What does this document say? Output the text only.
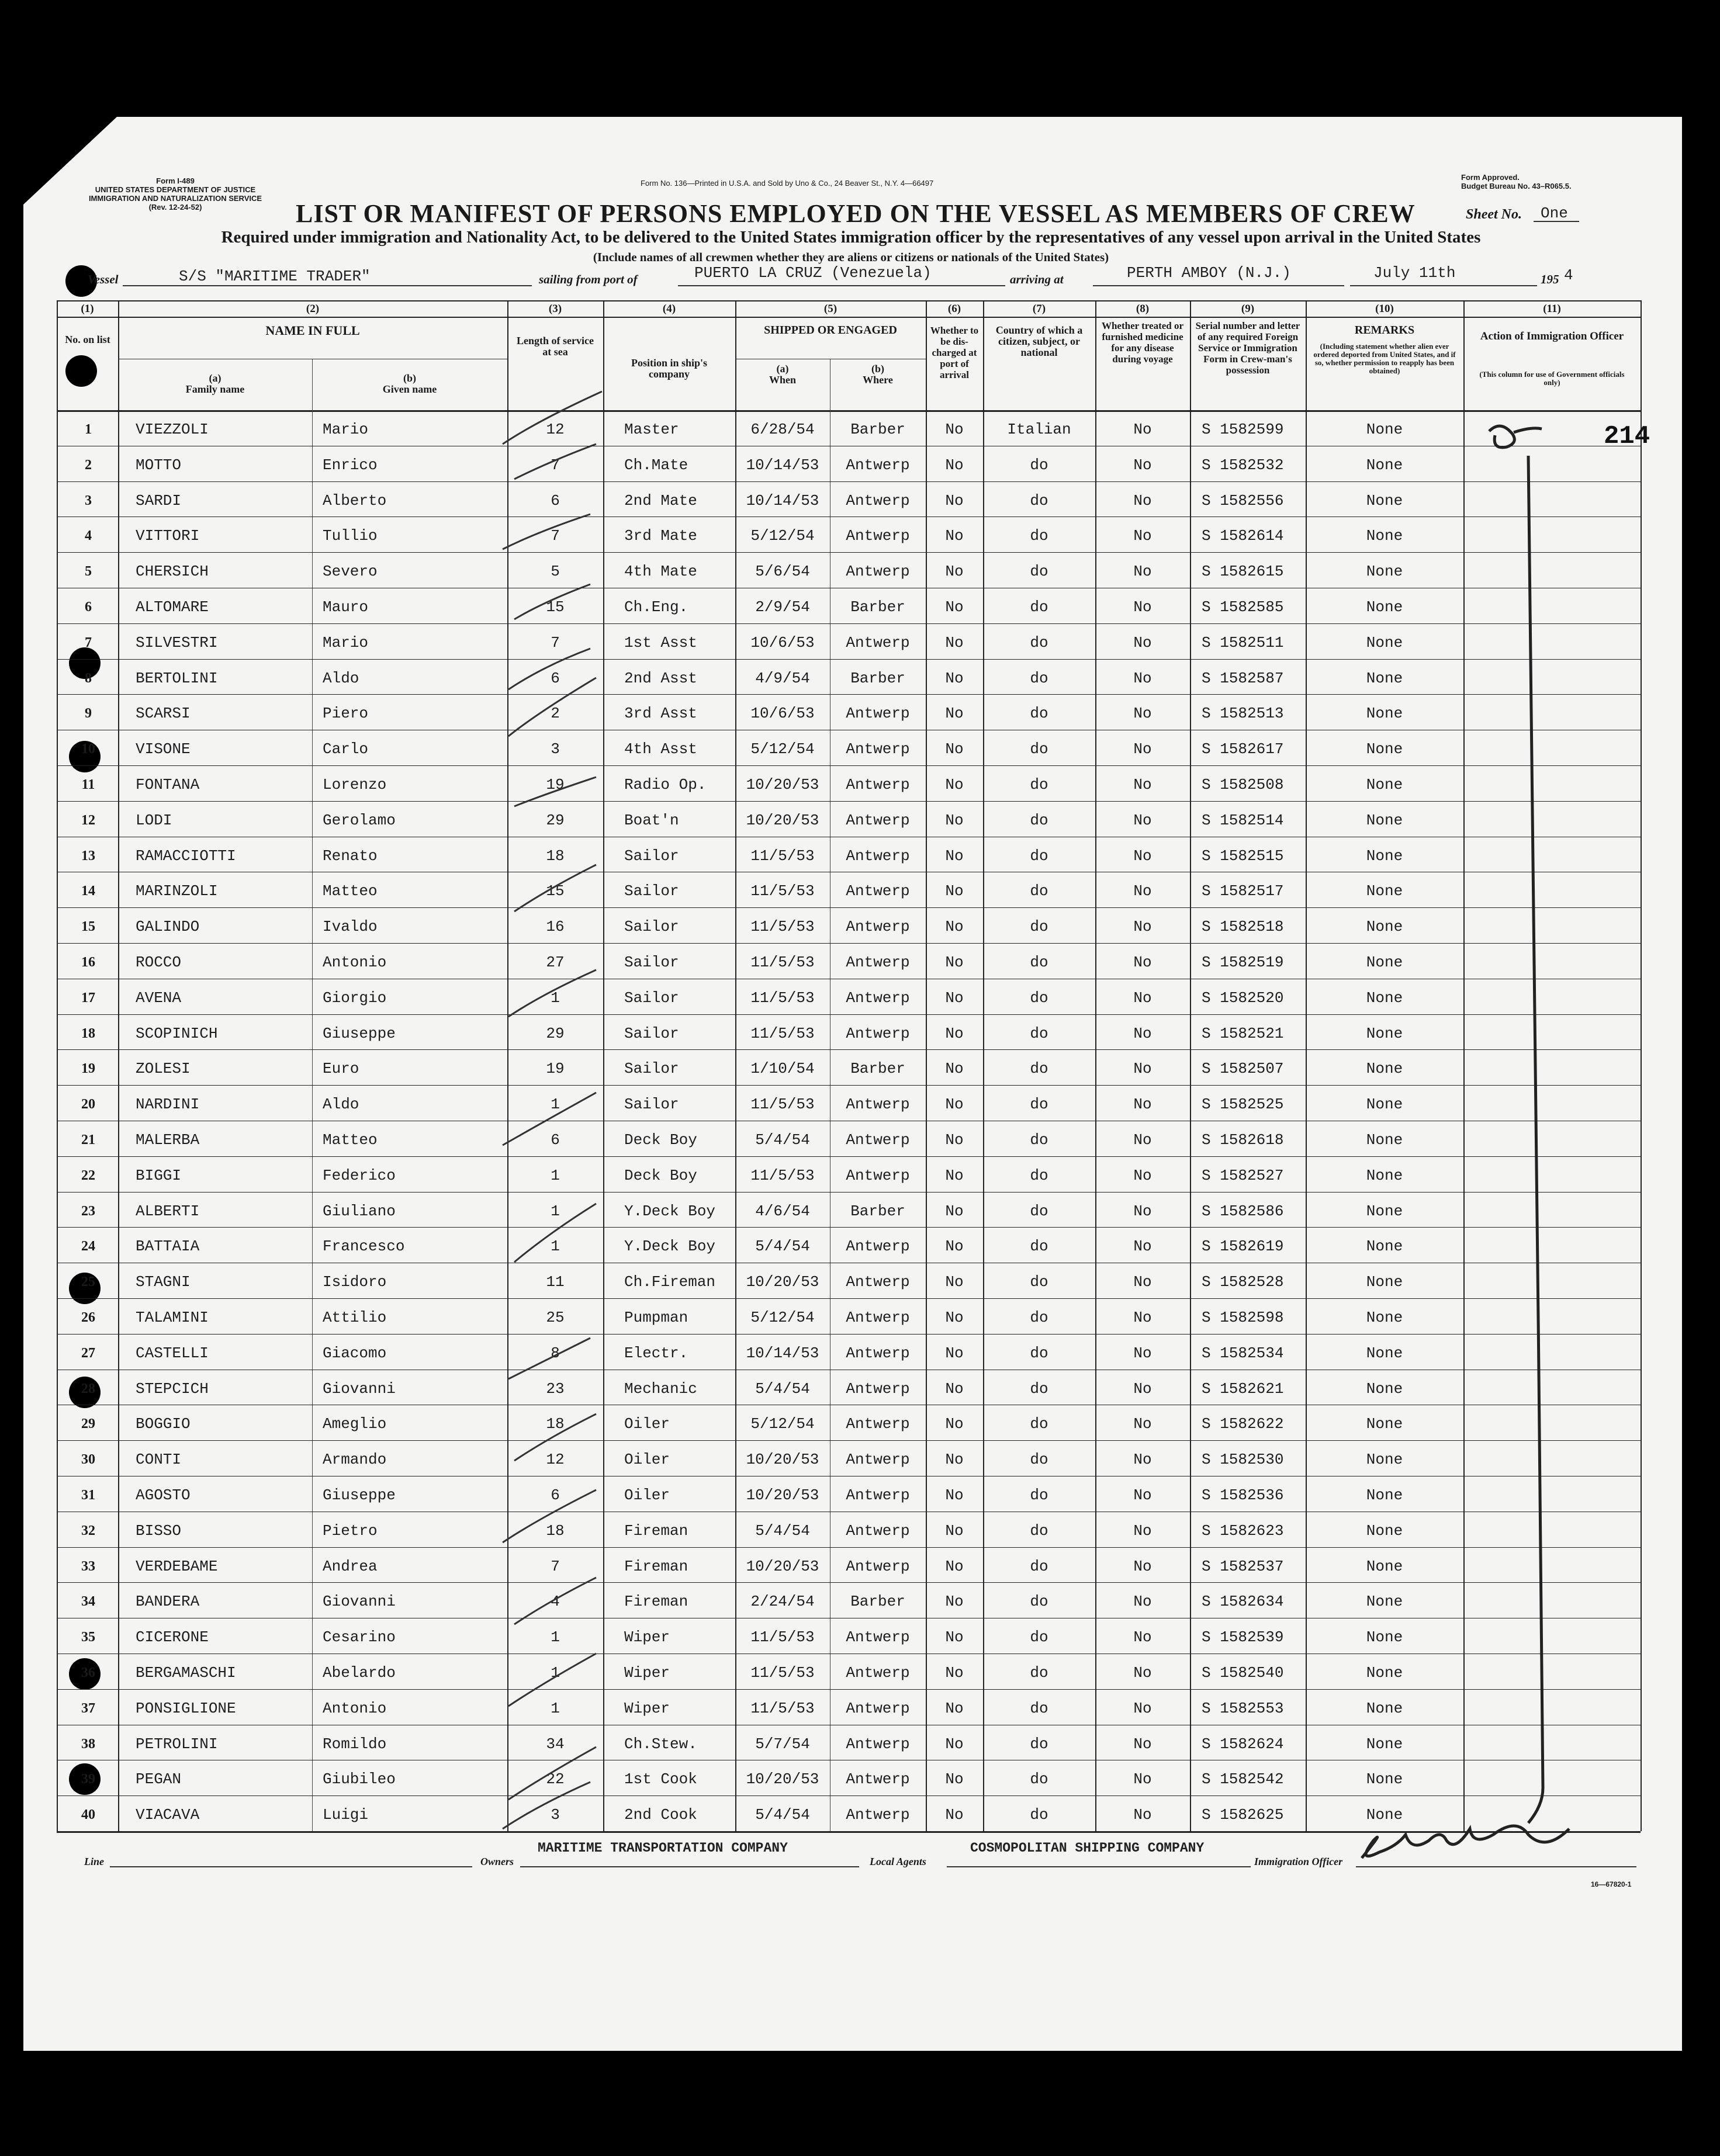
Form I-489
UNITED STATES DEPARTMENT OF JUSTICE
IMMIGRATION AND NATURALIZATION SERVICE
(Rev. 12-24-52)
Form No. 136—Printed in U.S.A. and Sold by Uno & Co., 24 Beaver St., N.Y. 4—66497
Form Approved.
Budget Bureau No. 43–R065.5.
LIST OR MANIFEST OF PERSONS EMPLOYED ON THE VESSEL AS MEMBERS OF CREW	Sheet No. One
Required under immigration and Nationality Act, to be delivered to the United States immigration officer by the representatives of any vessel upon arrival in the United States
(Include names of all crewmen whether they are aliens or citizens or nationals of the United States)
Vessel	S/S "MARITIME TRADER"	sailing from port of	PUERTO LA CRUZ (Venezuela)	arriving at	PERTH AMBOY (N.J.)	July 11th	195 4
(1)	(2)	(3)	(4)	(5)	(6)	(7)	(8)	(9)	(10)	(11)
No. on list
NAME IN FULL
(a)
Family name
(b)
Given name
Length of service at sea
Position in ship's company
SHIPPED OR ENGAGED
(a)
When
(b)
Where
Whether to be dis-charged at port of arrival
Country of which a citizen, subject, or national
Whether treated or furnished medicine for any disease during voyage
Serial number and letter of any required Foreign Service or Immigration Form in Crew-man's possession
REMARKS
(Including statement whether alien ever ordered deported from United States, and if so, whether permission to reapply has been obtained)
Action of Immigration Officer
(This column for use of Government officials only)
1	VIEZZOLI	Mario	12	Master	6/28/54	Barber	No	Italian	No	S 1582599	None
2	MOTTO	Enrico	7	Ch.Mate	10/14/53	Antwerp	No	do	No	S 1582532	None
3	SARDI	Alberto	6	2nd Mate	10/14/53	Antwerp	No	do	No	S 1582556	None
4	VITTORI	Tullio	7	3rd Mate	5/12/54	Antwerp	No	do	No	S 1582614	None
5	CHERSICH	Severo	5	4th Mate	5/6/54	Antwerp	No	do	No	S 1582615	None
6	ALTOMARE	Mauro	15	Ch.Eng.	2/9/54	Barber	No	do	No	S 1582585	None
7	SILVESTRI	Mario	7	1st Asst	10/6/53	Antwerp	No	do	No	S 1582511	None
8	BERTOLINI	Aldo	6	2nd Asst	4/9/54	Barber	No	do	No	S 1582587	None
9	SCARSI	Piero	2	3rd Asst	10/6/53	Antwerp	No	do	No	S 1582513	None
10	VISONE	Carlo	3	4th Asst	5/12/54	Antwerp	No	do	No	S 1582617	None
11	FONTANA	Lorenzo	19	Radio Op.	10/20/53	Antwerp	No	do	No	S 1582508	None
12	LODI	Gerolamo	29	Boat'n	10/20/53	Antwerp	No	do	No	S 1582514	None
13	RAMACCIOTTI	Renato	18	Sailor	11/5/53	Antwerp	No	do	No	S 1582515	None
14	MARINZOLI	Matteo	15	Sailor	11/5/53	Antwerp	No	do	No	S 1582517	None
15	GALINDO	Ivaldo	16	Sailor	11/5/53	Antwerp	No	do	No	S 1582518	None
16	ROCCO	Antonio	27	Sailor	11/5/53	Antwerp	No	do	No	S 1582519	None
17	AVENA	Giorgio	1	Sailor	11/5/53	Antwerp	No	do	No	S 1582520	None
18	SCOPINICH	Giuseppe	29	Sailor	11/5/53	Antwerp	No	do	No	S 1582521	None
19	ZOLESI	Euro	19	Sailor	1/10/54	Barber	No	do	No	S 1582507	None
20	NARDINI	Aldo	1	Sailor	11/5/53	Antwerp	No	do	No	S 1582525	None
21	MALERBA	Matteo	6	Deck Boy	5/4/54	Antwerp	No	do	No	S 1582618	None
22	BIGGI	Federico	1	Deck Boy	11/5/53	Antwerp	No	do	No	S 1582527	None
23	ALBERTI	Giuliano	1	Y.Deck Boy	4/6/54	Barber	No	do	No	S 1582586	None
24	BATTAIA	Francesco	1	Y.Deck Boy	5/4/54	Antwerp	No	do	No	S 1582619	None
25	STAGNI	Isidoro	11	Ch.Fireman	10/20/53	Antwerp	No	do	No	S 1582528	None
26	TALAMINI	Attilio	25	Pumpman	5/12/54	Antwerp	No	do	No	S 1582598	None
27	CASTELLI	Giacomo	8	Electr.	10/14/53	Antwerp	No	do	No	S 1582534	None
28	STEPCICH	Giovanni	23	Mechanic	5/4/54	Antwerp	No	do	No	S 1582621	None
29	BOGGIO	Ameglio	18	Oiler	5/12/54	Antwerp	No	do	No	S 1582622	None
30	CONTI	Armando	12	Oiler	10/20/53	Antwerp	No	do	No	S 1582530	None
31	AGOSTO	Giuseppe	6	Oiler	10/20/53	Antwerp	No	do	No	S 1582536	None
32	BISSO	Pietro	18	Fireman	5/4/54	Antwerp	No	do	No	S 1582623	None
33	VERDEBAME	Andrea	7	Fireman	10/20/53	Antwerp	No	do	No	S 1582537	None
34	BANDERA	Giovanni	4	Fireman	2/24/54	Barber	No	do	No	S 1582634	None
35	CICERONE	Cesarino	1	Wiper	11/5/53	Antwerp	No	do	No	S 1582539	None
36	BERGAMASCHI	Abelardo	1	Wiper	11/5/53	Antwerp	No	do	No	S 1582540	None
37	PONSIGLIONE	Antonio	1	Wiper	11/5/53	Antwerp	No	do	No	S 1582553	None
38	PETROLINI	Romildo	34	Ch.Stew.	5/7/54	Antwerp	No	do	No	S 1582624	None
39	PEGAN	Giubileo	22	1st Cook	10/20/53	Antwerp	No	do	No	S 1582542	None
40	VIACAVA	Luigi	3	2nd Cook	5/4/54	Antwerp	No	do	No	S 1582625	None
214
Line	Owners
MARITIME TRANSPORTATION COMPANY
Local Agents
COSMOPOLITAN SHIPPING COMPANY
Immigration Officer
16—67820-1
